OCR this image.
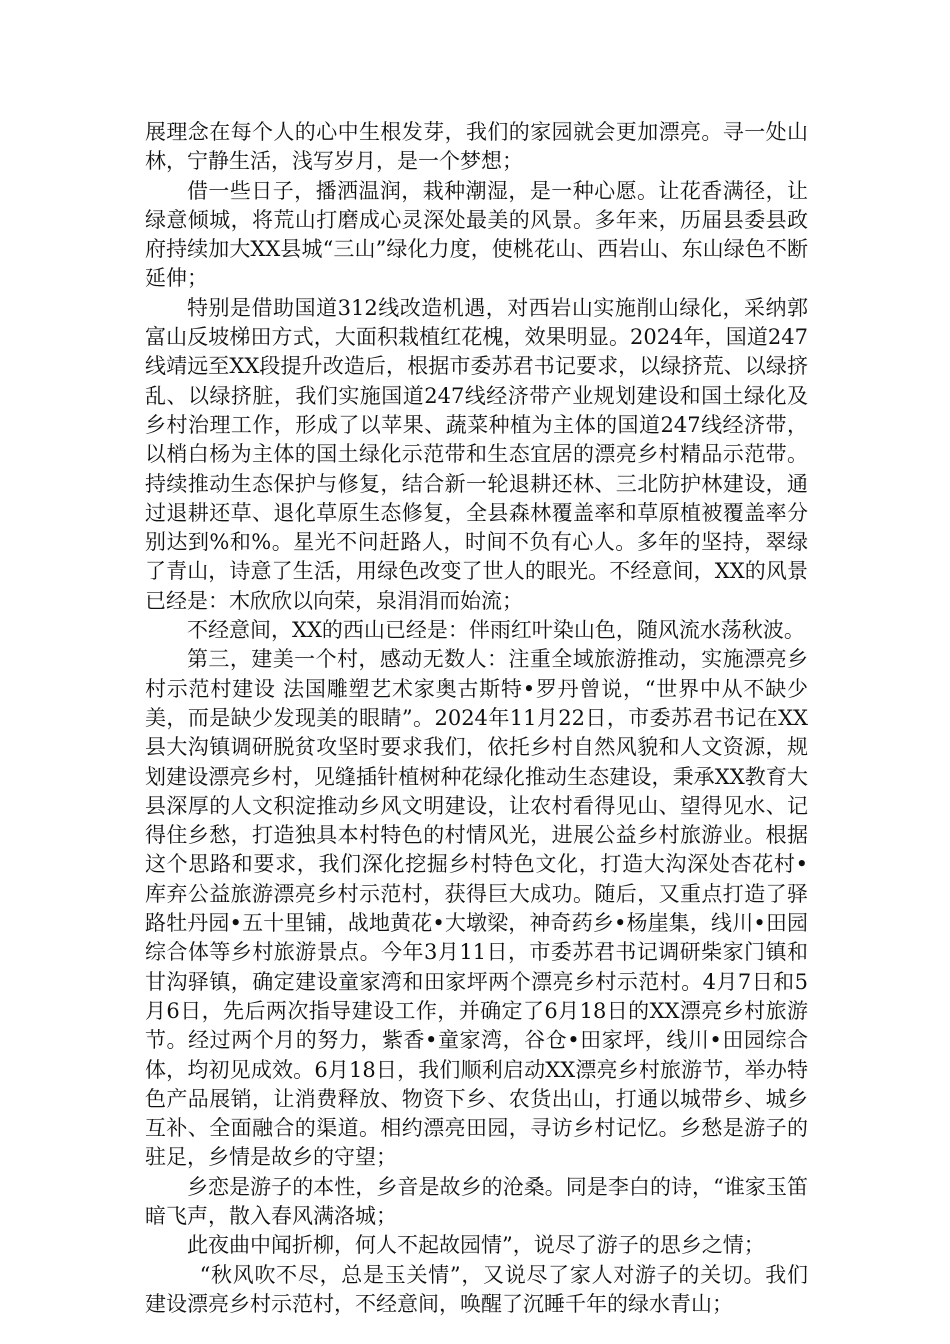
展理念在每个人的心中生根发芽，我们的家园就会更加漂亮。寻一处山林，宁静生活，浅写岁月，是一个梦想；

借一些日子，播洒温润，栽种潮湿，是一种心愿。让花香满径，让绿意倾城，将荒山打磨成心灵深处最美的风景。多年来，历届县委县政府持续加大XX县城“三山”绿化力度，使桃花山、西岩山、东山绿色不断延伸；

特别是借助国道312线改造机遇，对西岩山实施削山绿化，采纳郭富山反坡梯田方式，大面积栽植红花槐，效果明显。2024年，国道247线靖远至XX段提升改造后，根据市委苏君书记要求，以绿挤荒、以绿挤乱、以绿挤脏，我们实施国道247线经济带产业规划建设和国土绿化及乡村治理工作，形成了以苹果、蔬菜种植为主体的国道247线经济带，以梢白杨为主体的国土绿化示范带和生态宜居的漂亮乡村精品示范带。持续推动生态保护与修复，结合新一轮退耕还林、三北防护林建设，通过退耕还草、退化草原生态修复，全县森林覆盖率和草原植被覆盖率分别达到%和%。星光不问赶路人，时间不负有心人。多年的坚持，翠绿了青山，诗意了生活，用绿色改变了世人的眼光。不经意间，XX的风景已经是：木欣欣以向荣，泉涓涓而始流；

不经意间，XX的西山已经是：伴雨红叶染山色，随风流水荡秋波。

第三，建美一个村，感动无数人：注重全域旅游推动，实施漂亮乡村示范村建设 法国雕塑艺术家奥古斯特•罗丹曾说，“世界中从不缺少美，而是缺少发现美的眼睛”。2024年11月22日，市委苏君书记在XX县大沟镇调研脱贫攻坚时要求我们，依托乡村自然风貌和人文资源，规划建设漂亮乡村，见缝插针植树种花绿化推动生态建设，秉承XX教育大县深厚的人文积淀推动乡风文明建设，让农村看得见山、望得见水、记得住乡愁，打造独具本村特色的村情风光，进展公益乡村旅游业。根据这个思路和要求，我们深化挖掘乡村特色文化，打造大沟深处杏花村•库弃公益旅游漂亮乡村示范村，获得巨大成功。随后，又重点打造了驿路牡丹园•五十里铺，战地黄花•大墩梁，神奇药乡•杨崖集，线川•田园综合体等乡村旅游景点。今年3月11日，市委苏君书记调研柴家门镇和甘沟驿镇，确定建设童家湾和田家坪两个漂亮乡村示范村。4月7日和5月6日，先后两次指导建设工作，并确定了6月18日的XX漂亮乡村旅游节。经过两个月的努力，紫香•童家湾，谷仓•田家坪，线川•田园综合体，均初见成效。6月18日，我们顺利启动XX漂亮乡村旅游节，举办特色产品展销，让消费释放、物资下乡、农货出山，打通以城带乡、城乡互补、全面融合的渠道。相约漂亮田园，寻访乡村记忆。乡愁是游子的驻足，乡情是故乡的守望；

乡恋是游子的本性，乡音是故乡的沧桑。同是李白的诗，“谁家玉笛暗飞声，散入春风满洛城；

此夜曲中闻折柳，何人不起故园情”，说尽了游子的思乡之情；

“秋风吹不尽，总是玉关情”，又说尽了家人对游子的关切。我们建设漂亮乡村示范村，不经意间，唤醒了沉睡千年的绿水青山；
